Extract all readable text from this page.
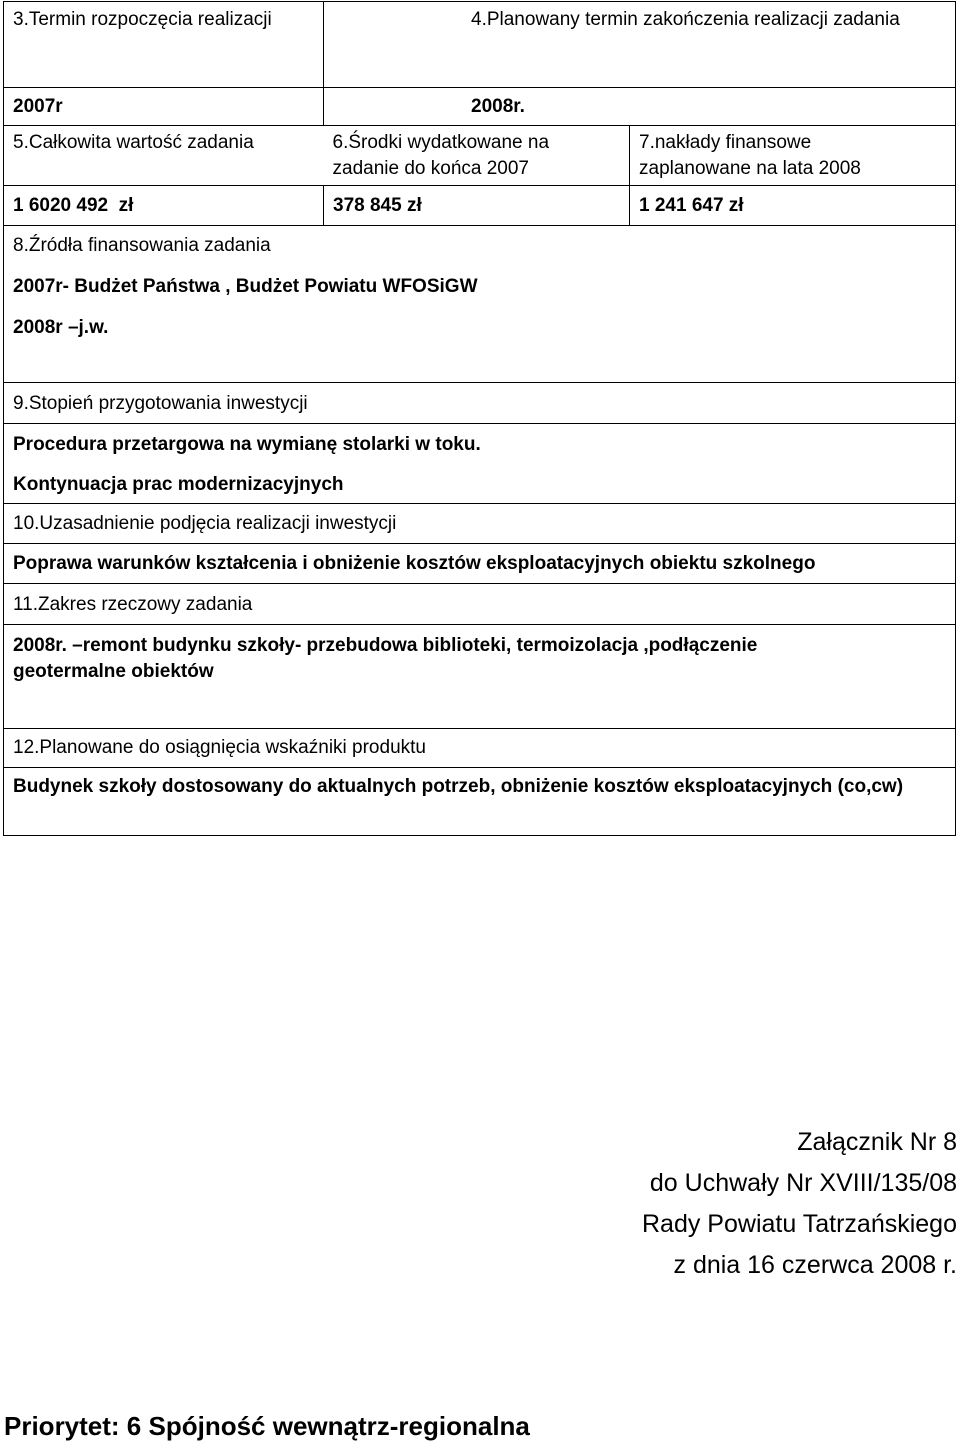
3.Termin rozpoczęcia realizacji	4.Planowany termin zakończenia realizacji zadania	
2007r	2008r.	
5.Całkowita wartość zadania	6.Środki wydatkowane na zadanie do końca 2007	7.nakłady finansowe zaplanowane na lata 2008

1 6020 492  zł	378 845 zł	1 241 647 zł

8.Źródła finansowania zadania
2007r- Budżet Państwa , Budżet Powiatu WFOSiGW
2008r –j.w.		

9.Stopień przygotowania inwestycji		

Procedura przetargowa na wymianę stolarki w toku.
Kontynuacja prac modernizacyjnych		

10.Uzasadnienie podjęcia realizacji inwestycji		
Poprawa warunków kształcenia i obniżenie kosztów eksploatacyjnych obiektu szkolnego		
11.Zakres rzeczowy zadania		

2008r. –remont budynku szkoły- przebudowa biblioteki, termoizolacja ,podłączenie geotermalne obiektów		

12.Planowane do osiągnięcia wskaźniki produktu		

Budynek szkoły dostosowany do aktualnych potrzeb, obniżenie kosztów eksploatacyjnych (co,cw)		
Załącznik Nr 8
do Uchwały Nr XVIII/135/08
Rady Powiatu Tatrzańskiego
z dnia 16 czerwca 2008 r.
Priorytet: 6 Spójność wewnątrz-regionalna
